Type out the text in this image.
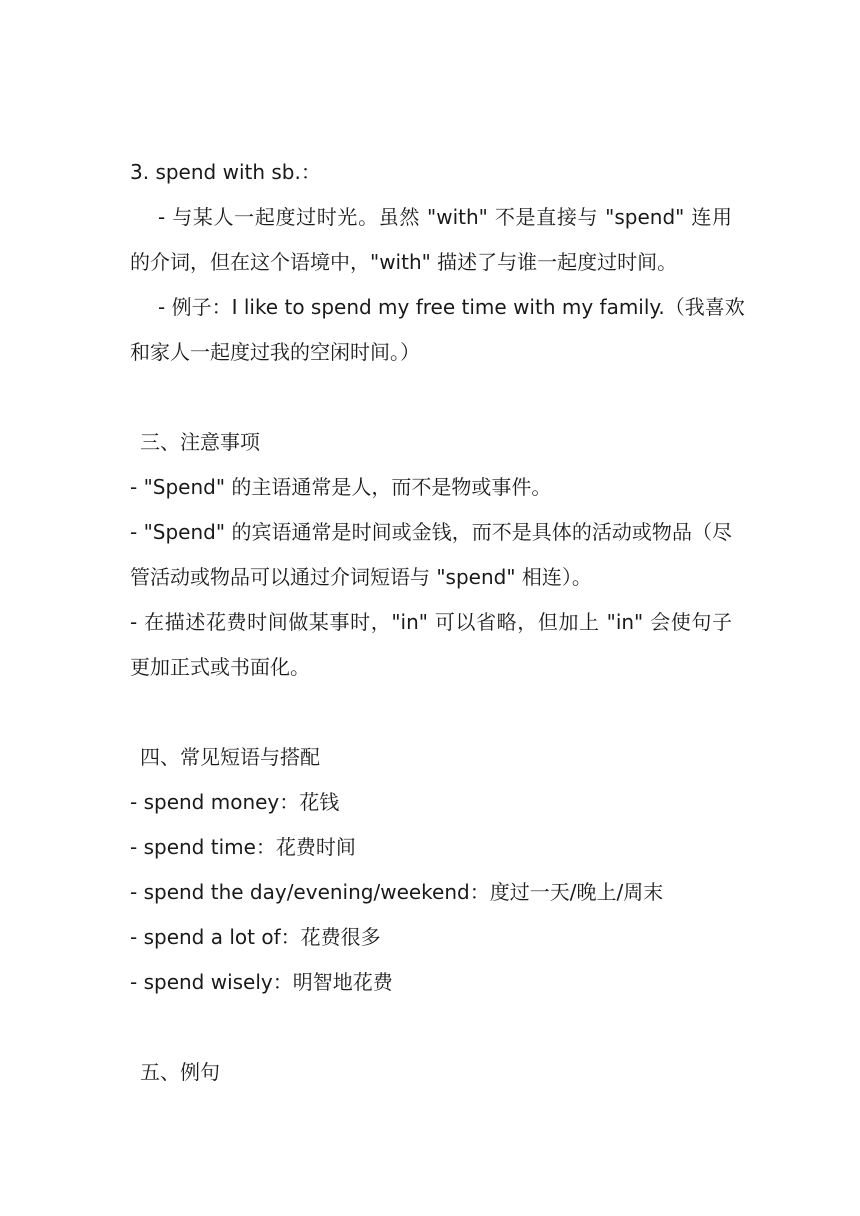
3. spend with sb.：
- 与某人一起度过时光。虽然 "with" 不是直接与 "spend" 连用
的介词，但在这个语境中，"with" 描述了与谁一起度过时间。
- 例子：I like to spend my free time with my family.（我喜欢
和家人一起度过我的空闲时间。）
三、注意事项
- "Spend" 的主语通常是人，而不是物或事件。
- "Spend" 的宾语通常是时间或金钱，而不是具体的活动或物品（尽
管活动或物品可以通过介词短语与 "spend" 相连）。
- 在描述花费时间做某事时，"in" 可以省略，但加上 "in" 会使句子
更加正式或书面化。
四、常见短语与搭配
- spend money：花钱
- spend time：花费时间
- spend the day/evening/weekend：度过一天/晚上/周末
- spend a lot of：花费很多
- spend wisely：明智地花费
五、例句
